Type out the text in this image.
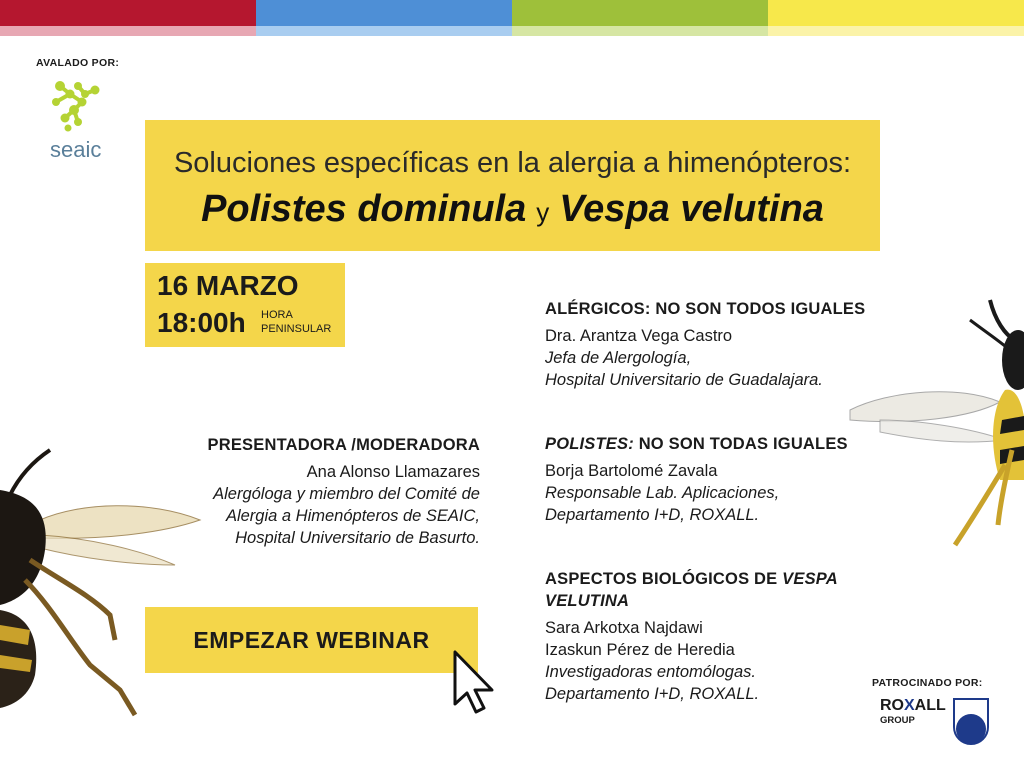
AVALADO POR:
seaic	Soluciones específicas en la alergia a himenópteros:
Polistes dominula y Vespa velutina
16 MARZO
18:00h HORA
PENINSULAR
ALÉRGICOS: NO SON TODOS IGUALES
Dra. Arantza Vega Castro
Jefa de Alergología,
Hospital Universitario de Guadalajara.
POLISTES: NO SON TODAS IGUALES
Borja Bartolomé Zavala
Responsable Lab. Aplicaciones,
Departamento I+D, ROXALL.
ASPECTOS BIOLÓGICOS DE VESPA VELUTINA
Sara Arkotxa Najdawi
Izaskun Pérez de Heredia
Investigadoras entomólogas.
Departamento I+D, ROXALL.
PRESENTADORA /MODERADORA
Ana Alonso Llamazares
Alergóloga y miembro del Comité de
Alergia a Himenópteros de SEAIC,
Hospital Universitario de Basurto.
EMPEZAR WEBINAR
PATROCINADO POR:
ROXALL
GROUP
